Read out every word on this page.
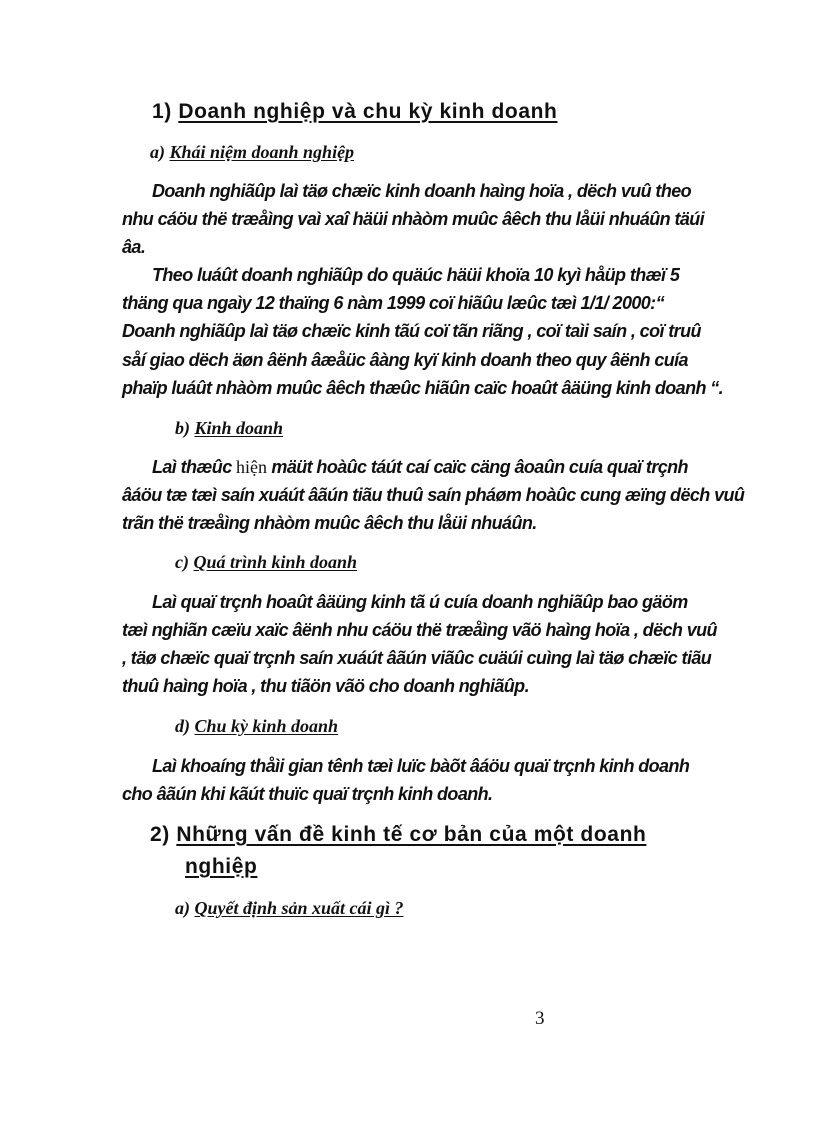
1) Doanh nghiệp và chu kỳ kinh doanh
a) Khái niệm doanh nghiệp
Doanh nghiãûp laì täø chæïc kinh doanh haìng hoïa , dëch vuû theo
nhu cáöu thë træåìng vaì xaî häüi nhàòm muûc âêch thu låüi nhuáûn täúi
âa.
Theo luáût doanh nghiãûp do quäúc häüi khoïa 10 kyì håüp thæï 5
thäng qua ngaìy 12 thaïng 6 nàm 1999 coï hiãûu læûc tæì 1/1/ 2000:“
Doanh nghiãûp laì täø chæïc kinh tãú coï tãn riãng , coï taìi saín , coï truû
såí giao dëch äøn âënh âæåüc âàng kyï kinh doanh theo quy âënh cuía
phaïp luáût nhàòm muûc âêch thæûc hiãûn caïc hoaût âäüng kinh doanh “.
b) Kinh doanh
Laì thæûc hiện mäüt hoàûc táút caí caïc cäng âoaûn cuía quaï trçnh
âáöu tæ tæì saín xuáút âãún tiãu thuû saín pháøm hoàûc cung æïng dëch vuû
trãn thë træåìng nhàòm muûc âêch thu låüi nhuáûn.
c) Quá trình kinh doanh
Laì quaï trçnh hoaût âäüng kinh tã ú cuía doanh nghiãûp bao gäöm
tæì nghiãn cæïu xaïc âënh nhu cáöu thë træåìng vãö haìng hoïa , dëch vuû
, täø chæïc quaï trçnh saín xuáút âãún viãûc cuäúi cuìng laì täø chæïc tiãu
thuû haìng hoïa , thu tiãön vãö cho doanh nghiãûp.
d) Chu kỳ kinh doanh
Laì khoaíng thåìi gian tênh tæì luïc bàõt âáöu quaï trçnh kinh doanh
cho âãún khi kãút thuïc quaï trçnh kinh doanh.
2) Những vấn đề kinh tế cơ bản của một doanh
nghiệp
a) Quyết định sản xuất cái gì ?
3
